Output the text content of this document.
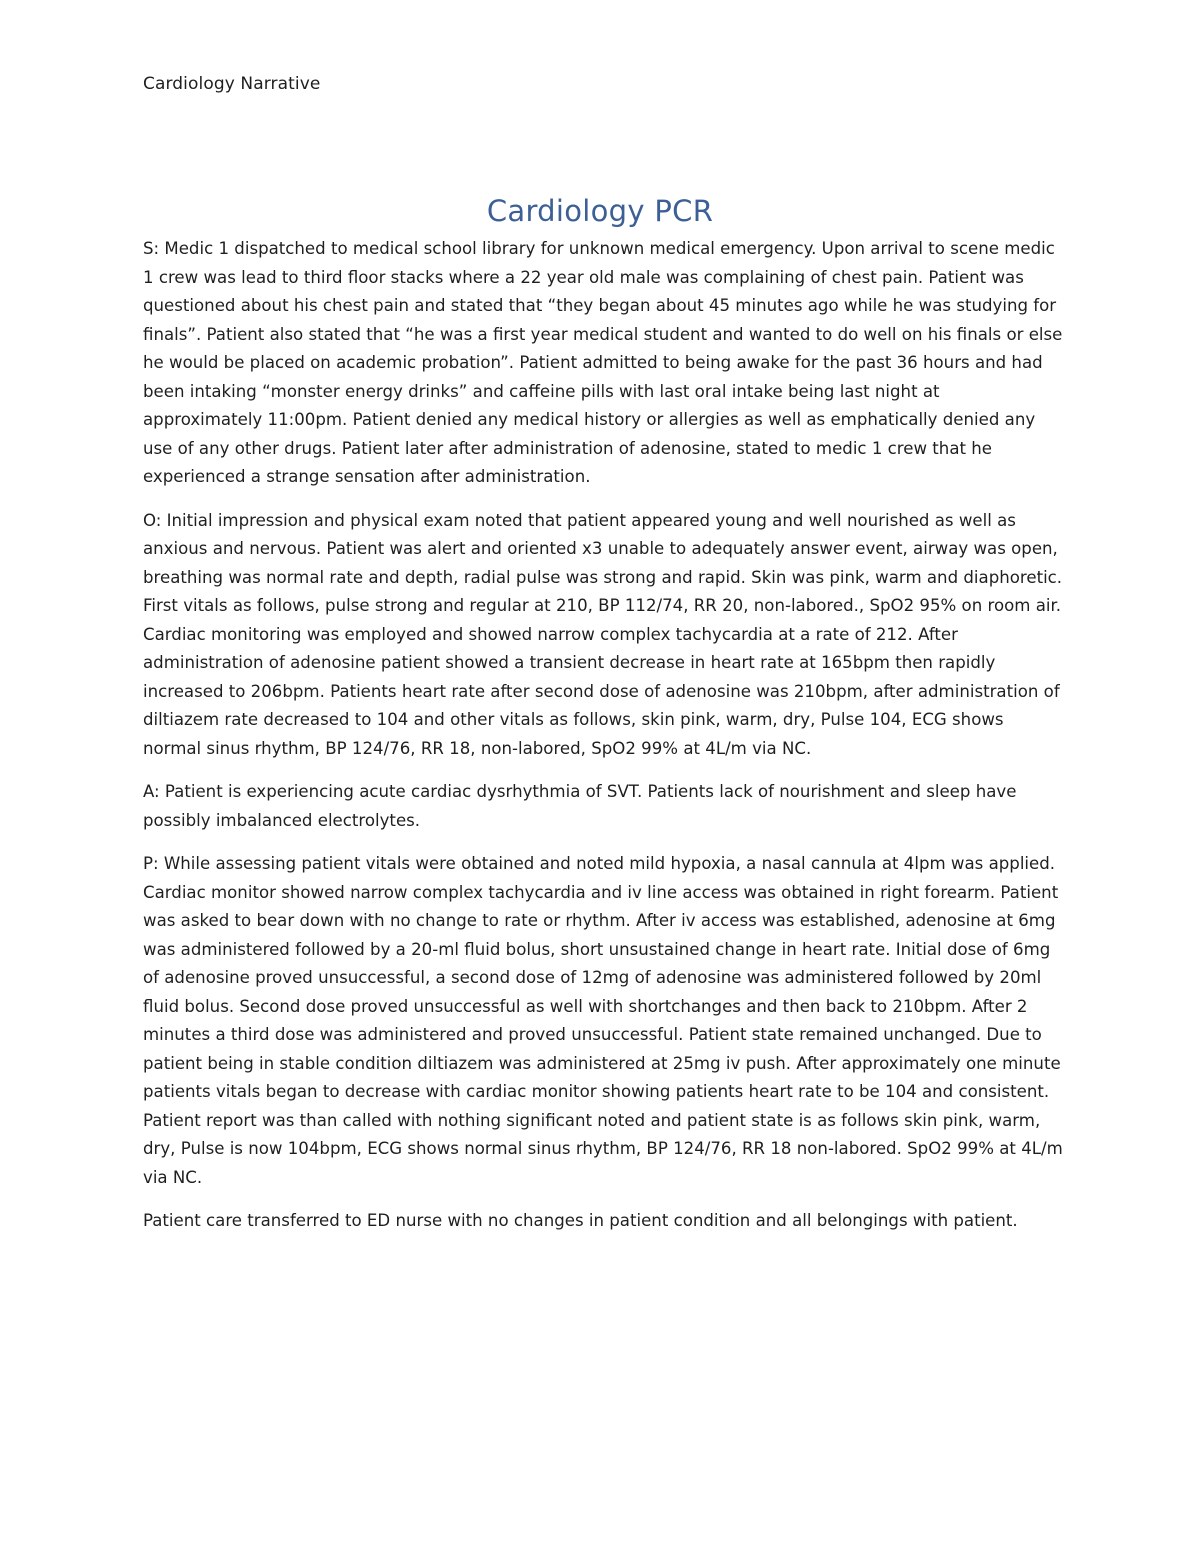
Cardiology Narrative
Cardiology PCR

S: Medic 1 dispatched to medical school library for unknown medical emergency. Upon arrival to scene medic 1 crew was lead to third floor stacks where a 22 year old male was complaining of chest pain. Patient was questioned about his chest pain and stated that “they began about 45 minutes ago while he was studying for finals”. Patient also stated that “he was a first year medical student and wanted to do well on his finals or else he would be placed on academic probation”. Patient admitted to being awake for the past 36 hours and had been intaking “monster energy drinks” and caffeine pills with last oral intake being last night at approximately 11:00pm. Patient denied any medical history or allergies as well as emphatically denied any use of any other drugs. Patient later after administration of adenosine, stated to medic 1 crew that he experienced a strange sensation after administration.

O: Initial impression and physical exam noted that patient appeared young and well nourished as well as anxious and nervous. Patient was alert and oriented x3 unable to adequately answer event, airway was open, breathing was normal rate and depth, radial pulse was strong and rapid. Skin was pink, warm and diaphoretic. First vitals as follows, pulse strong and regular at 210, BP 112/74, RR 20, non-labored., SpO2 95% on room air. Cardiac monitoring was employed and showed narrow complex tachycardia at a rate of 212. After administration of adenosine patient showed a transient decrease in heart rate at 165bpm then rapidly increased to 206bpm. Patients heart rate after second dose of adenosine was 210bpm, after administration of diltiazem rate decreased to 104 and other vitals as follows, skin pink, warm, dry, Pulse 104, ECG shows normal sinus rhythm, BP 124/76, RR 18, non-labored, SpO2 99% at 4L/m via NC.

A: Patient is experiencing acute cardiac dysrhythmia of SVT. Patients lack of nourishment and sleep have possibly imbalanced electrolytes.

P: While assessing patient vitals were obtained and noted mild hypoxia, a nasal cannula at 4lpm was applied. Cardiac monitor showed narrow complex tachycardia and iv line access was obtained in right forearm. Patient was asked to bear down with no change to rate or rhythm. After iv access was established, adenosine at 6mg was administered followed by a 20-ml fluid bolus, short unsustained change in heart rate. Initial dose of 6mg of adenosine proved unsuccessful, a second dose of 12mg of adenosine was administered followed by 20ml fluid bolus. Second dose proved unsuccessful as well with shortchanges and then back to 210bpm. After 2 minutes a third dose was administered and proved unsuccessful. Patient state remained unchanged. Due to patient being in stable condition diltiazem was administered at 25mg iv push. After approximately one minute patients vitals began to decrease with cardiac monitor showing patients heart rate to be 104 and consistent. Patient report was than called with nothing significant noted and patient state is as follows skin pink, warm, dry, Pulse is now 104bpm, ECG shows normal sinus rhythm, BP 124/76, RR 18 non-labored. SpO2 99% at 4L/m via NC.

Patient care transferred to ED nurse with no changes in patient condition and all belongings with patient.
